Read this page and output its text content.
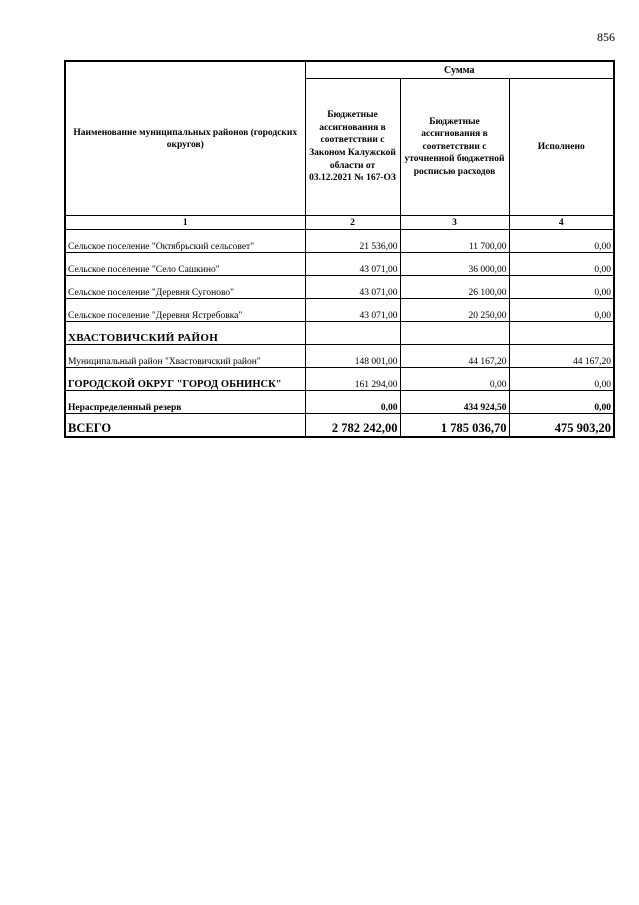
856
Наименование муниципальных районов (городских округов)	Сумма		
	Бюджетные ассигнования в соответствии с Законом Калужской области от 03.12.2021 № 167-ОЗ	Бюджетные ассигнования в соответствии с уточненной бюджетной росписью расходов	Исполнено
1	2	3	4
Сельское поселение "Октябрьский сельсовет"	21 536,00	11 700,00	0,00
Сельское поселение "Село Сашкино"	43 071,00	36 000,00	0,00
Сельское поселение "Деревня Сугоново"	43 071,00	26 100,00	0,00
Сельское поселение "Деревня Ястребовка"	43 071,00	20 250,00	0,00
ХВАСТОВИЧСКИЙ РАЙОН			
Муниципальный район "Хвастовичский район"	148 001,00	44 167,20	44 167,20
ГОРОДСКОЙ ОКРУГ "ГОРОД ОБНИНСК"	161 294,00	0,00	0,00
Нераспределенный резерв	0,00	434 924,50	0,00
ВСЕГО	2 782 242,00	1 785 036,70	475 903,20
